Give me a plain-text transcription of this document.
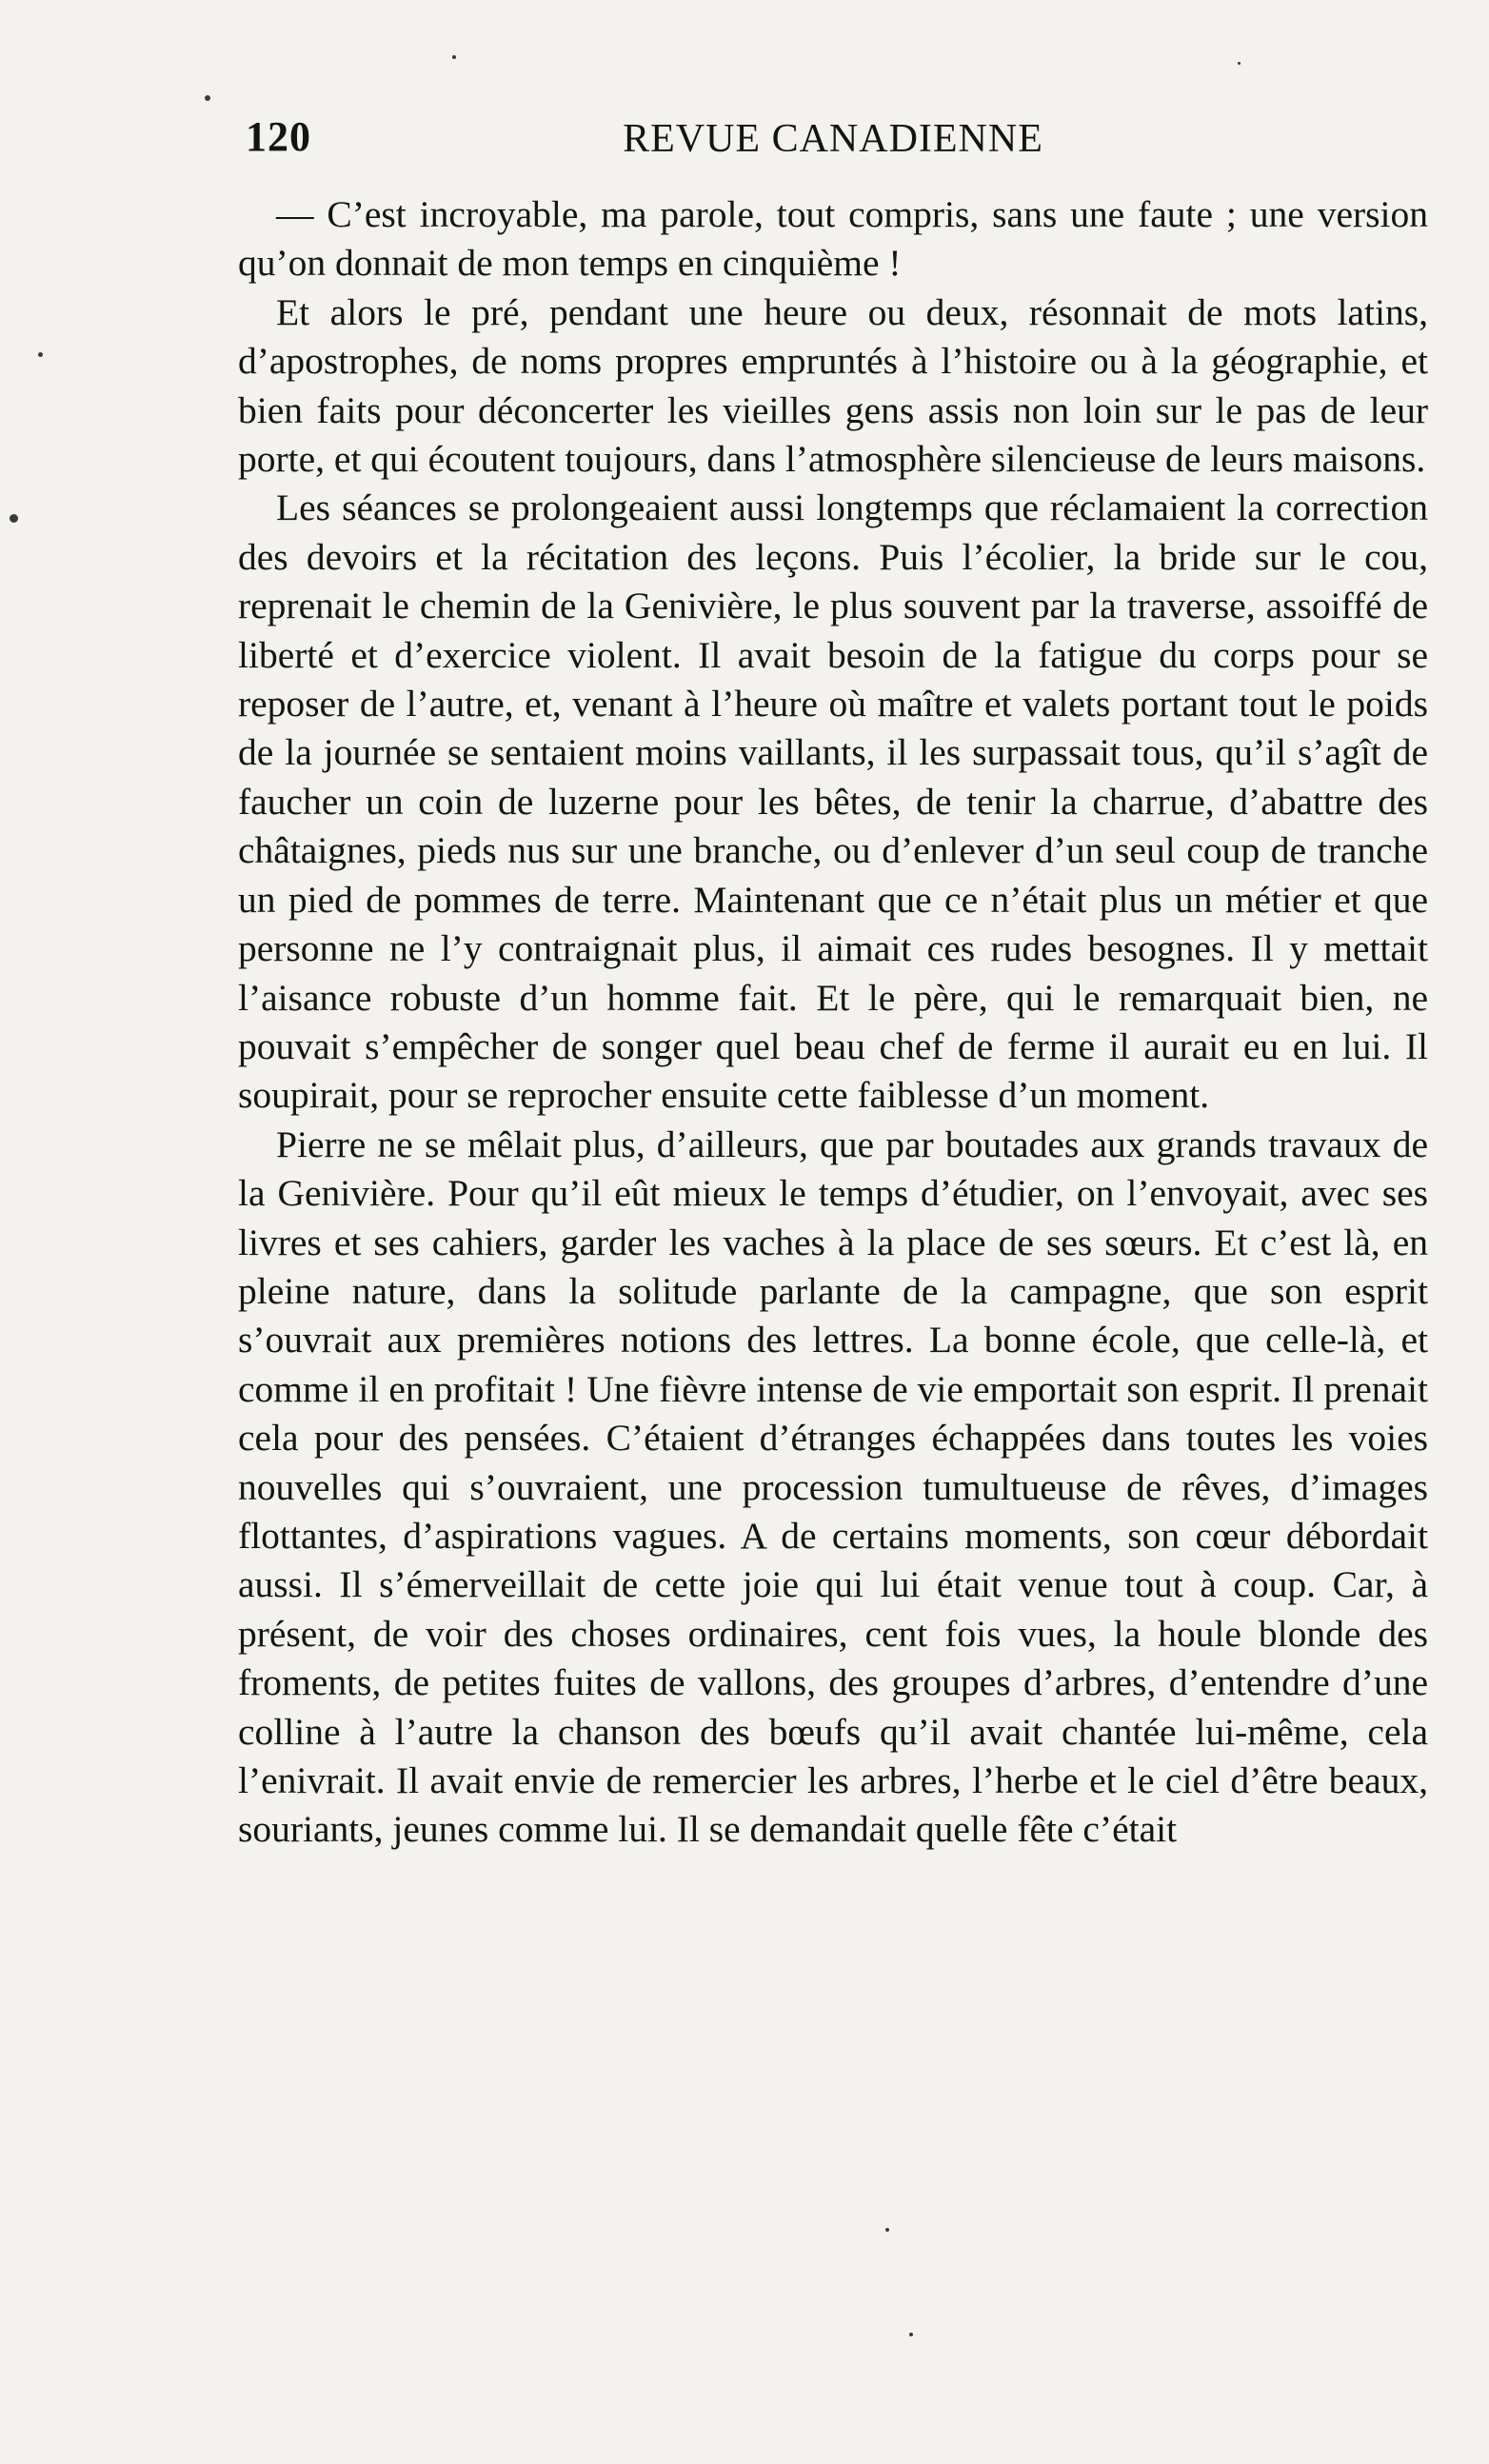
120	REVUE CANADIENNE

— C’est incroyable, ma parole, tout compris, sans une faute ; une version qu’on donnait de mon temps en cinquième !

Et alors le pré, pendant une heure ou deux, résonnait de mots latins, d’apostrophes, de noms propres empruntés à l’histoire ou à la géographie, et bien faits pour déconcerter les vieilles gens assis non loin sur le pas de leur porte, et qui écoutent toujours, dans l’atmosphère silencieuse de leurs maisons.

Les séances se prolongeaient aussi longtemps que réclamaient la correction des devoirs et la récitation des leçons. Puis l’écolier, la bride sur le cou, reprenait le chemin de la Genivière, le plus souvent par la traverse, assoiffé de liberté et d’exercice violent. Il avait besoin de la fatigue du corps pour se reposer de l’autre, et, venant à l’heure où maître et valets portant tout le poids de la journée se sentaient moins vaillants, il les surpassait tous, qu’il s’agît de faucher un coin de luzerne pour les bêtes, de tenir la charrue, d’abattre des châtaignes, pieds nus sur une branche, ou d’enlever d’un seul coup de tranche un pied de pommes de terre. Maintenant que ce n’était plus un métier et que personne ne l’y contraignait plus, il aimait ces rudes besognes. Il y mettait l’aisance robuste d’un homme fait. Et le père, qui le remarquait bien, ne pouvait s’empêcher de songer quel beau chef de ferme il aurait eu en lui. Il soupirait, pour se reprocher ensuite cette faiblesse d’un moment.

Pierre ne se mêlait plus, d’ailleurs, que par boutades aux grands travaux de la Genivière. Pour qu’il eût mieux le temps d’étudier, on l’envoyait, avec ses livres et ses cahiers, garder les vaches à la place de ses sœurs. Et c’est là, en pleine nature, dans la solitude parlante de la campagne, que son esprit s’ouvrait aux premières notions des lettres. La bonne école, que celle-là, et comme il en profitait ! Une fièvre intense de vie emportait son esprit. Il prenait cela pour des pensées. C’étaient d’étranges échappées dans toutes les voies nouvelles qui s’ouvraient, une procession tumultueuse de rêves, d’images flottantes, d’aspirations vagues. A de certains moments, son cœur débordait aussi. Il s’émerveillait de cette joie qui lui était venue tout à coup. Car, à présent, de voir des choses ordinaires, cent fois vues, la houle blonde des froments, de petites fuites de vallons, des groupes d’arbres, d’entendre d’une colline à l’autre la chanson des bœufs qu’il avait chantée lui-même, cela l’enivrait. Il avait envie de remercier les arbres, l’herbe et le ciel d’être beaux, souriants, jeunes comme lui. Il se demandait quelle fête c’était
